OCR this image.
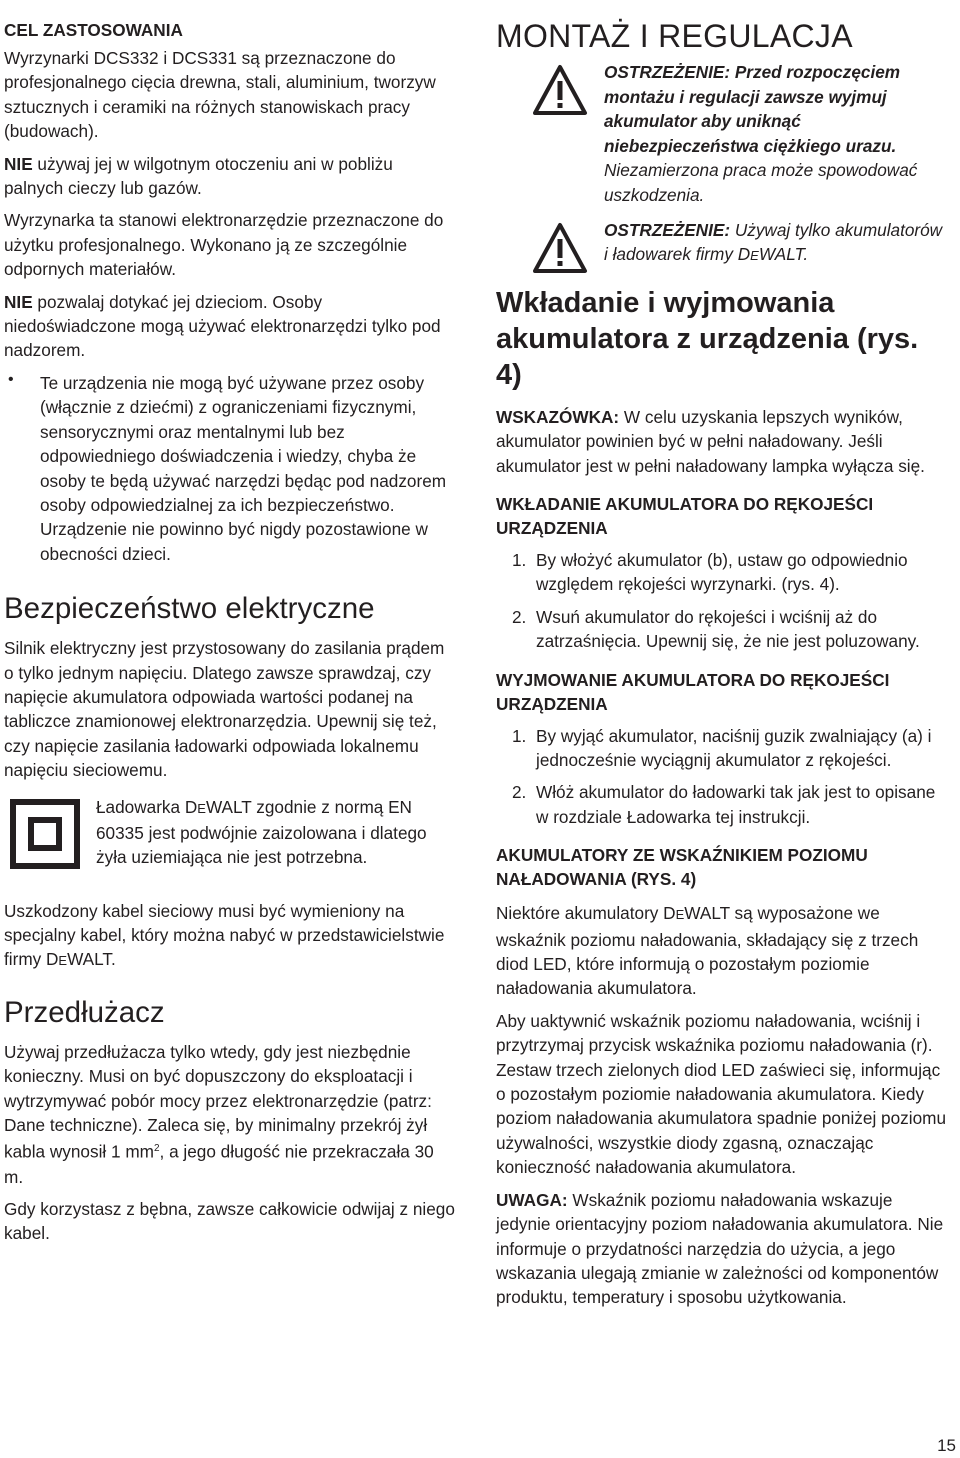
CEL ZASTOSOWANIA

Wyrzynarki DCS332 i DCS331 są przeznaczone do profesjonalnego cięcia drewna, stali, aluminium, tworzyw sztucznych i ceramiki na różnych stanowiskach pracy (budowach).

NIE używaj jej w wilgotnym otoczeniu ani w pobliżu palnych cieczy lub gazów.

Wyrzynarka ta stanowi elektronarzędzie przeznaczone do użytku profesjonalnego. Wykonano ją ze szczególnie odpornych materiałów.

NIE pozwalaj dotykać jej dzieciom. Osoby niedoświadczone mogą używać elektronarzędzi tylko pod nadzorem.

• Te urządzenia nie mogą być używane przez osoby (włącznie z dziećmi) z ograniczeniami fizycznymi, sensorycznymi oraz mentalnymi lub bez odpowiedniego doświadczenia i wiedzy, chyba że osoby te będą używać narzędzi będąc pod nadzorem osoby odpowiedzialnej za ich bezpieczeństwo. Urządzenie nie powinno być nigdy pozostawione w obecności dzieci.

Bezpieczeństwo elektryczne

Silnik elektryczny jest przystosowany do zasilania prądem o tylko jednym napięciu. Dlatego zawsze sprawdzaj, czy napięcie akumulatora odpowiada wartości podanej na tabliczce znamionowej elektronarzędzia. Upewnij się też, czy napięcie zasilania ładowarki odpowiada lokalnemu napięciu sieciowemu.

Ładowarka DEWALT zgodnie z normą EN 60335 jest podwójnie zaizolowana i dlatego żyła uziemiająca nie jest potrzebna.

Uszkodzony kabel sieciowy musi być wymieniony na specjalny kabel, który można nabyć w przedstawicielstwie firmy DEWALT.

Przedłużacz

Używaj przedłużacza tylko wtedy, gdy jest niezbędnie konieczny. Musi on być dopuszczony do eksploatacji i wytrzymywać pobór mocy przez elektronarzędzie (patrz: Dane techniczne). Zaleca się, by minimalny przekrój żył kabla wynosił 1 $mm^2$, a jego długość nie przekraczała 30 m.

Gdy korzystasz z bębna, zawsze całkowicie odwijaj z niego kabel.

MONTAŻ I REGULACJA

OSTRZEŻENIE: Przed rozpoczęciem montażu i regulacji zawsze wyjmuj akumulator aby uniknąć niebezpieczeństwa ciężkiego urazu. Niezamierzona praca może spowodować uszkodzenia.

OSTRZEŻENIE: Używaj tylko akumulatorów i ładowarek firmy DEWALT.

Wkładanie i wyjmowania akumulatora z urządzenia (rys. 4)

WSKAZÓWKA: W celu uzyskania lepszych wyników, akumulator powinien być w pełni naładowany. Jeśli akumulator jest w pełni naładowany lampka wyłącza się.

WKŁADANIE AKUMULATORA DO RĘKOJEŚCI URZĄDZENIA
1. By włożyć akumulator (b), ustaw go odpowiednio względem rękojeści wyrzynarki. (rys. 4).
2. Wsuń akumulator do rękojeści i wciśnij aż do zatrzaśnięcia. Upewnij się, że nie jest poluzowany.
WYJMOWANIE AKUMULATORA DO RĘKOJEŚCI URZĄDZENIA
1. By wyjąć akumulator, naciśnij guzik zwalniający (a) i jednocześnie wyciągnij akumulator z rękojeści.
2. Włóż akumulator do ładowarki tak jak jest to opisane w rozdziale Ładowarka tej instrukcji.
AKUMULATORY ZE WSKAŹNIKIEM POZIOMU NAŁADOWANIA (RYS. 4)

Niektóre akumulatory DEWALT są wyposażone we wskaźnik poziomu naładowania, składający się z trzech diod LED, które informują o pozostałym poziomie naładowania akumulatora.

Aby uaktywnić wskaźnik poziomu naładowania, wciśnij i przytrzymaj przycisk wskaźnika poziomu naładowania (r). Zestaw trzech zielonych diod LED zaświeci się, informując o pozostałym poziomie naładowania akumulatora. Kiedy poziom naładowania akumulatora spadnie poniżej poziomu używalności, wszystkie diody zgasną, oznaczając konieczność naładowania akumulatora.

UWAGA: Wskaźnik poziomu naładowania wskazuje jedynie orientacyjny poziom naładowania akumulatora. Nie informuje o przydatności narzędzia do użycia, a jego wskazania ulegają zmianie w zależności od komponentów produktu, temperatury i sposobu użytkowania.

15
